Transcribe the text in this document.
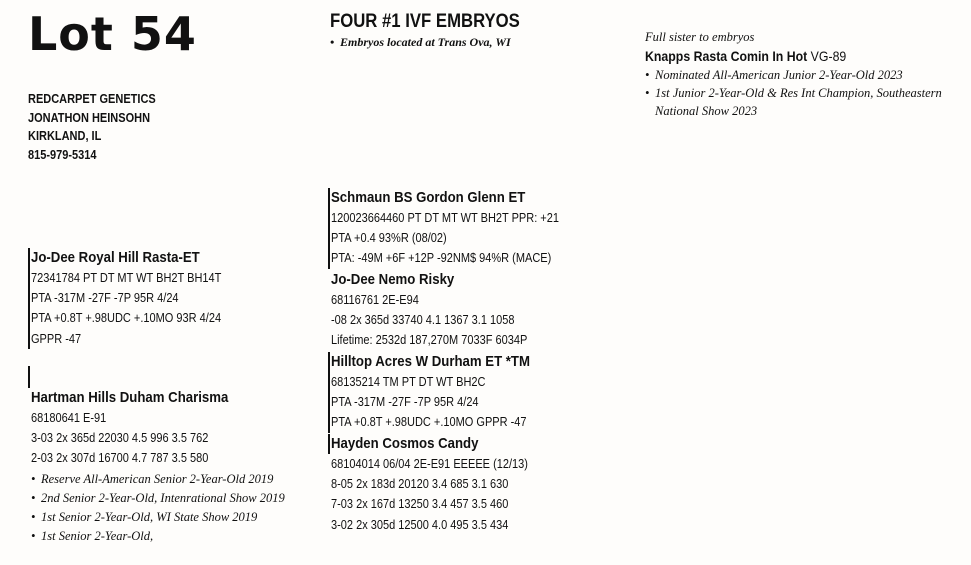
Lot 54
REDCARPET GENETICS
JONATHON HEINSOHN
KIRKLAND, IL
815-979-5314
FOUR #1 IVF EMBRYOS
• Embryos located at Trans Ova, WI	Full sister to embryos
Knapps Rasta Comin In Hot VG-89
• Nominated All-American Junior 2-Year-Old 2023
• 1st Junior 2-Year-Old & Res Int Champion, Southeastern National Show 2023
Schmaun BS Gordon Glenn ET
120023664460 PT DT MT WT BH2T PPR: +21
PTA +0.4 93%R (08/02)
PTA: -49M +6F +12P -92NM$ 94%R (MACE)
Jo-Dee Nemo Risky
68116761 2E-E94
-08 2x 365d 33740 4.1 1367 3.1 1058
Lifetime: 2532d 187,270M 7033F 6034P
Jo-Dee Royal Hill Rasta-ET
72341784 PT DT MT WT BH2T BH14T
PTA -317M -27F -7P 95R 4/24
PTA +0.8T +.98UDC +.10MO 93R 4/24
GPPR -47
Hartman Hills Duham Charisma
68180641 E-91
3-03 2x 365d 22030 4.5 996 3.5 762
2-03 2x 307d 16700 4.7 787 3.5 580
• Reserve All-American Senior 2-Year-Old 2019
• 2nd Senior 2-Year-Old, Intenrational Show 2019
• 1st Senior 2-Year-Old, WI State Show 2019
• 1st Senior 2-Year-Old,
Hilltop Acres W Durham ET *TM
68135214 TM PT DT WT BH2C
PTA -317M -27F -7P 95R 4/24
PTA +0.8T +.98UDC +.10MO GPPR -47
Hayden Cosmos Candy
68104014 06/04 2E-E91 EEEEE (12/13)
8-05 2x 183d 20120 3.4 685 3.1 630
7-03 2x 167d 13250 3.4 457 3.5 460
3-02 2x 305d 12500 4.0 495 3.5 434
